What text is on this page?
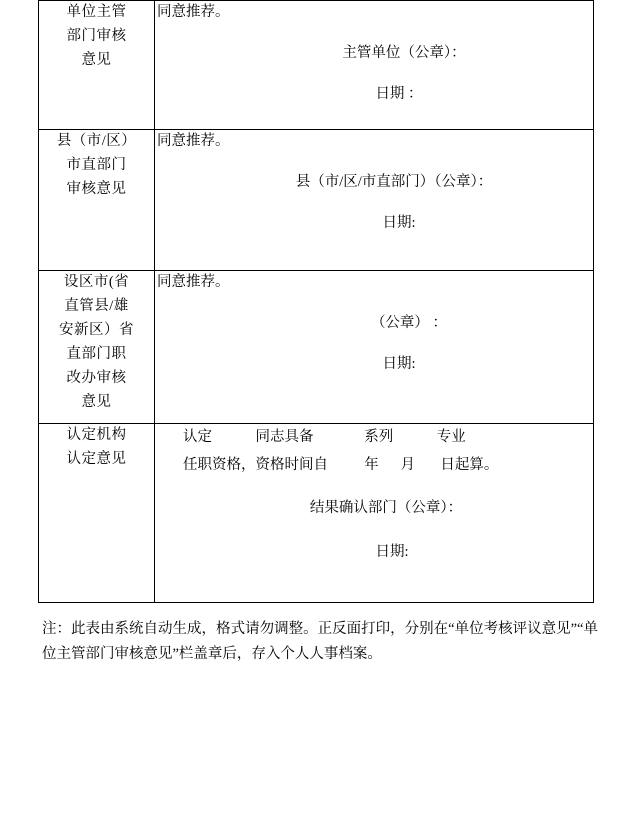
单位主管
部门审核
意见

同意推荐。
主管单位（公章）：
日期 ：

县（市/区）
市直部门
审核意见

同意推荐。
县（市/区/市直部门）（公章）：
日期:

设区市(省
直管县/雄
安新区）省
直部门职
改办审核
意见

同意推荐。
（公章） ：
日期:

认定机构
认定意见

认定            同志具备              系列            专业
任职资格，资格时间自          年      月       日起算。
结果确认部门（公章）：
日期:
注：此表由系统自动生成，格式请勿调整。正反面打印，分别在“单位考核评议意见”“单位主管部门审核意见”栏盖章后，存入个人人事档案。
